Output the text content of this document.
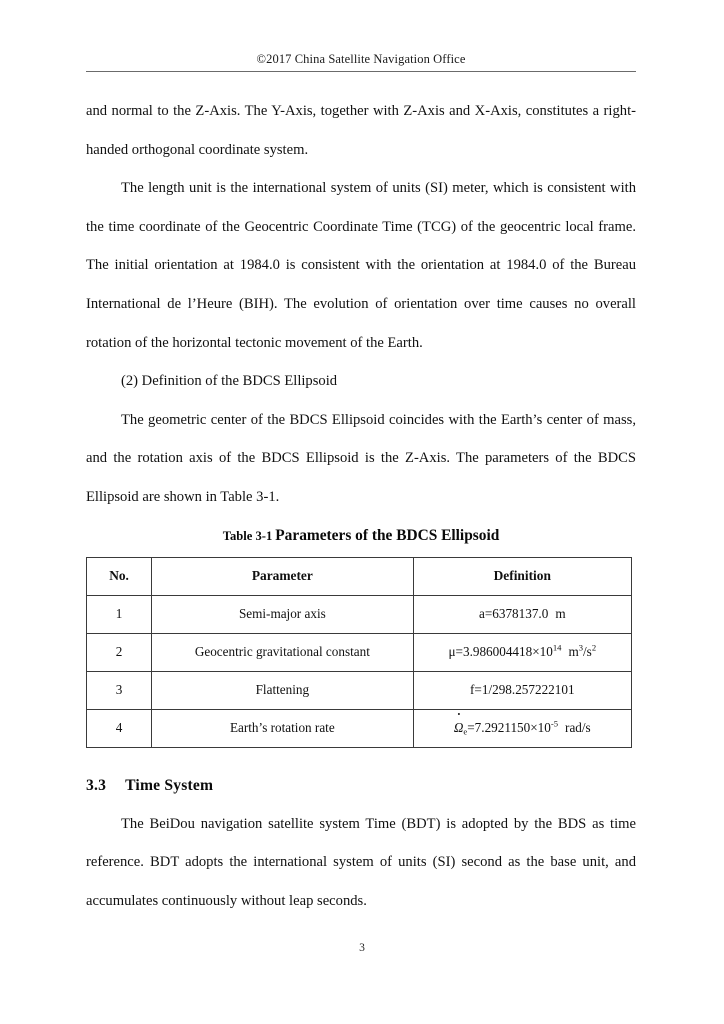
©2017 China Satellite Navigation Office

and normal to the Z-Axis. The Y-Axis, together with Z-Axis and X-Axis, constitutes a right-handed orthogonal coordinate system.

The length unit is the international system of units (SI) meter, which is consistent with the time coordinate of the Geocentric Coordinate Time (TCG) of the geocentric local frame. The initial orientation at 1984.0 is consistent with the orientation at 1984.0 of the Bureau International de l’Heure (BIH). The evolution of orientation over time causes no overall rotation of the horizontal tectonic movement of the Earth.

(2) Definition of the BDCS Ellipsoid

The geometric center of the BDCS Ellipsoid coincides with the Earth’s center of mass, and the rotation axis of the BDCS Ellipsoid is the Z-Axis. The parameters of the BDCS Ellipsoid are shown in Table 3-1.

Table 3-1 Parameters of the BDCS Ellipsoid

No.	Parameter	Definition
1	Semi-major axis	a=6378137.0 m
2	Geocentric gravitational constant	$\mu=3.986004418\times 10^{14}$ $m^3/s^2$
3	Flattening	f=1/298.257222101
4	Earth’s rotation rate	$\Omega_e=7.2921150\times 10^{-5}$ rad/s
3.3 Time System

The BeiDou navigation satellite system Time (BDT) is adopted by the BDS as time reference. BDT adopts the international system of units (SI) second as the base unit, and accumulates continuously without leap seconds.

3
